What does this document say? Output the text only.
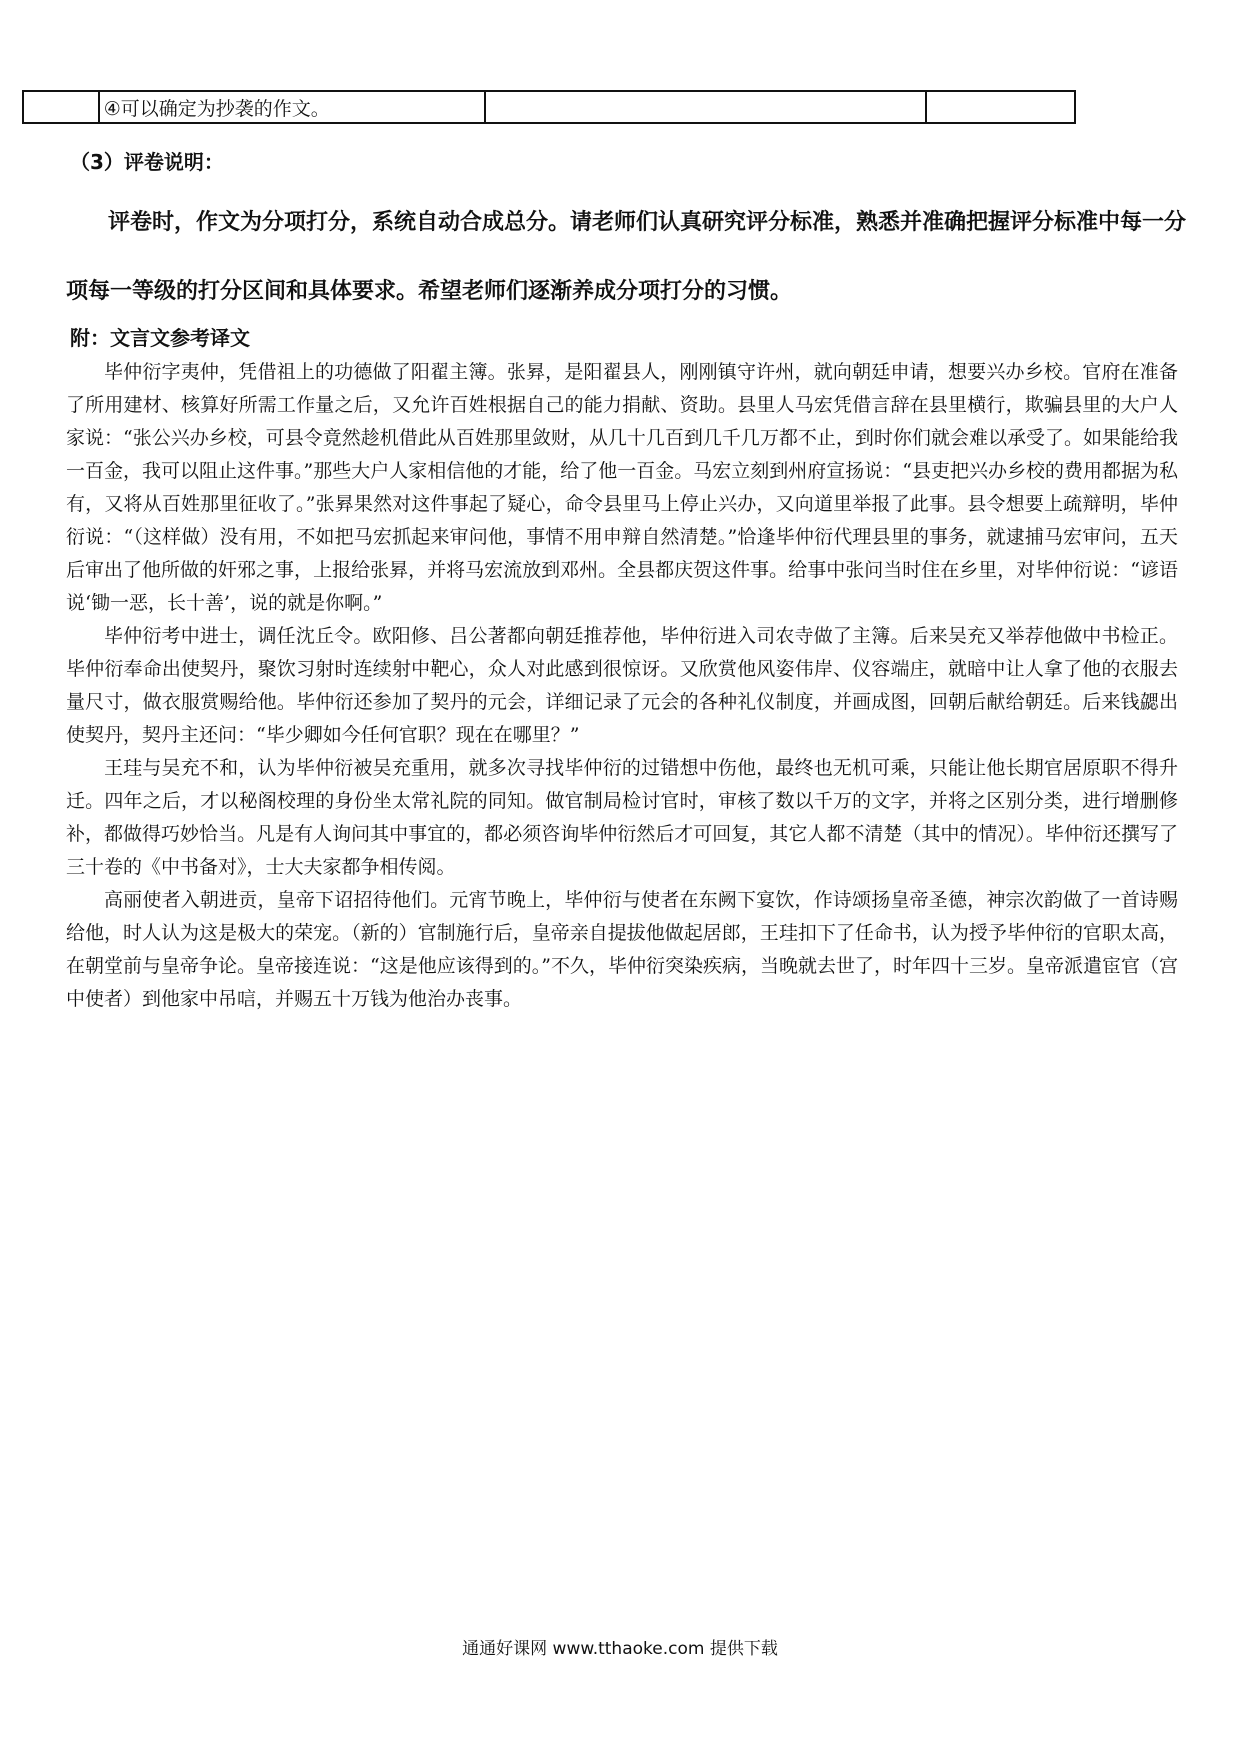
	④可以确定为抄袭的作文。		
（3）评卷说明：
评卷时，作文为分项打分，系统自动合成总分。请老师们认真研究评分标准，熟悉并准确把握评分标准中每一分
项每一等级的打分区间和具体要求。希望老师们逐渐养成分项打分的习惯。
附：文言文参考译文

毕仲衍字夷仲，凭借祖上的功德做了阳翟主簿。张昪，是阳翟县人，刚刚镇守许州，就向朝廷申请，想要兴办乡校。官府在准备了所用建材、核算好所需工作量之后，又允许百姓根据自己的能力捐献、资助。县里人马宏凭借言辞在县里横行，欺骗县里的大户人家说：“张公兴办乡校，可县令竟然趁机借此从百姓那里敛财，从几十几百到几千几万都不止，到时你们就会难以承受了。如果能给我一百金，我可以阻止这件事。”那些大户人家相信他的才能，给了他一百金。马宏立刻到州府宣扬说：“县吏把兴办乡校的费用都据为私有，又将从百姓那里征收了。”张昪果然对这件事起了疑心，命令县里马上停止兴办，又向道里举报了此事。县令想要上疏辩明，毕仲衍说：“（这样做）没有用，不如把马宏抓起来审问他，事情不用申辩自然清楚。”恰逢毕仲衍代理县里的事务，就逮捕马宏审问，五天后审出了他所做的奸邪之事，上报给张昪，并将马宏流放到邓州。全县都庆贺这件事。给事中张问当时住在乡里，对毕仲衍说：“谚语说‘锄一恶，长十善’，说的就是你啊。”

毕仲衍考中进士，调任沈丘令。欧阳修、吕公著都向朝廷推荐他，毕仲衍进入司农寺做了主簿。后来吴充又举荐他做中书检正。毕仲衍奉命出使契丹，聚饮习射时连续射中靶心，众人对此感到很惊讶。又欣赏他风姿伟岸、仪容端庄，就暗中让人拿了他的衣服去量尺寸，做衣服赏赐给他。毕仲衍还参加了契丹的元会，详细记录了元会的各种礼仪制度，并画成图，回朝后献给朝廷。后来钱勰出使契丹，契丹主还问：“毕少卿如今任何官职？现在在哪里？”

王珪与吴充不和，认为毕仲衍被吴充重用，就多次寻找毕仲衍的过错想中伤他，最终也无机可乘，只能让他长期官居原职不得升迁。四年之后，才以秘阁校理的身份坐太常礼院的同知。做官制局检讨官时，审核了数以千万的文字，并将之区别分类，进行增删修补，都做得巧妙恰当。凡是有人询问其中事宜的，都必须咨询毕仲衍然后才可回复，其它人都不清楚（其中的情况）。毕仲衍还撰写了三十卷的《中书备对》，士大夫家都争相传阅。

高丽使者入朝进贡，皇帝下诏招待他们。元宵节晚上，毕仲衍与使者在东阙下宴饮，作诗颂扬皇帝圣德，神宗次韵做了一首诗赐给他，时人认为这是极大的荣宠。（新的）官制施行后，皇帝亲自提拔他做起居郎，王珪扣下了任命书，认为授予毕仲衍的官职太高，在朝堂前与皇帝争论。皇帝接连说：“这是他应该得到的。”不久，毕仲衍突染疾病，当晚就去世了，时年四十三岁。皇帝派遣宦官（宫中使者）到他家中吊唁，并赐五十万钱为他治办丧事。

通通好课网 www.tthaoke.com 提供下载
